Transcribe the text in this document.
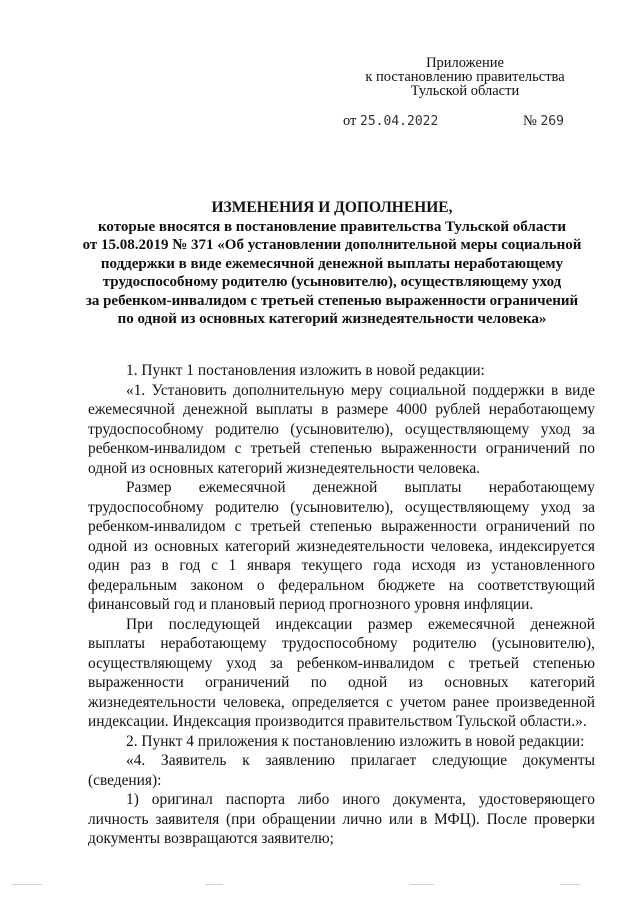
Приложение
к постановлению правительства
Тульской области
от 25.04.2022	№ 269
ИЗМЕНЕНИЯ И ДОПОЛНЕНИЕ,
которые вносятся в постановление правительства Тульской области
от 15.08.2019 № 371 «Об установлении дополнительной меры социальной
поддержки в виде ежемесячной денежной выплаты неработающему
трудоспособному родителю (усыновителю), осуществляющему уход
за ребенком-инвалидом с третьей степенью выраженности ограничений
по одной из основных категорий жизнедеятельности человека»

1. Пункт 1 постановления изложить в новой редакции:

«1. Установить дополнительную меру социальной поддержки в виде ежемесячной денежной выплаты в размере 4000 рублей неработающему трудоспособному родителю (усыновителю), осуществляющему уход за ребенком-инвалидом с третьей степенью выраженности ограничений по одной из основных категорий жизнедеятельности человека.

Размер ежемесячной денежной выплаты неработающему трудоспособному родителю (усыновителю), осуществляющему уход за ребенком-инвалидом с третьей степенью выраженности ограничений по одной из основных категорий жизнедеятельности человека, индексируется один раз в год с 1 января текущего года исходя из установленного федеральным законом о федеральном бюджете на соответствующий финансовый год и плановый период прогнозного уровня инфляции.

При последующей индексации размер ежемесячной денежной выплаты неработающему трудоспособному родителю (усыновителю), осуществляющему уход за ребенком-инвалидом с третьей степенью выраженности ограничений по одной из основных категорий жизнедеятельности человека, определяется с учетом ранее произведенной индексации. Индексация производится правительством Тульской области.».

2. Пункт 4 приложения к постановлению изложить в новой редакции:

«4. Заявитель к заявлению прилагает следующие документы (сведения):

1) оригинал паспорта либо иного документа, удостоверяющего личность заявителя (при обращении лично или в МФЦ). После проверки документы возвращаются заявителю;
